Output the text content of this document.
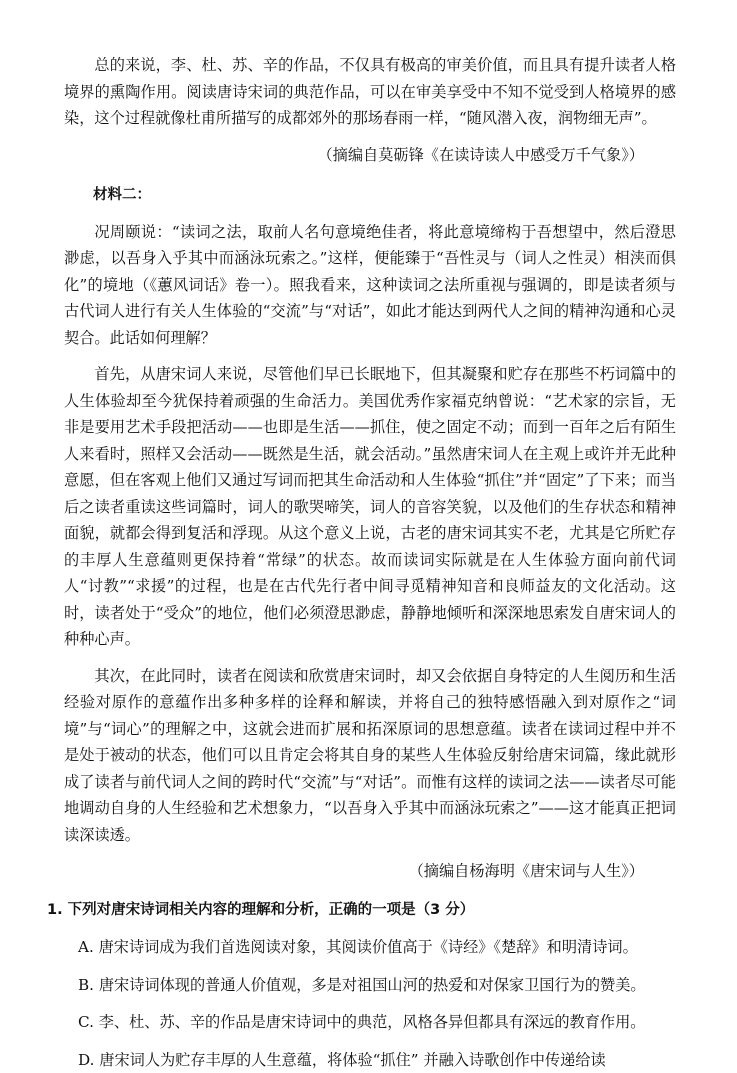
总的来说，李、杜、苏、辛的作品，不仅具有极高的审美价值，而且具有提升读者人格境界的熏陶作用。阅读唐诗宋词的典范作品，可以在审美享受中不知不觉受到人格境界的感染，这个过程就像杜甫所描写的成都郊外的那场春雨一样，“随风潜入夜，润物细无声”。

（摘编自莫砺锋《在读诗读人中感受万千气象》）

材料二：

况周颐说：“读词之法，取前人名句意境绝佳者，将此意境缔构于吾想望中，然后澄思渺虑，以吾身入乎其中而涵泳玩索之。”这样，便能臻于“吾性灵与（词人之性灵）相浃而俱化”的境地（《蕙风词话》卷一）。照我看来，这种读词之法所重视与强调的，即是读者须与古代词人进行有关人生体验的“交流”与“对话”，如此才能达到两代人之间的精神沟通和心灵契合。此话如何理解？

首先，从唐宋词人来说，尽管他们早已长眠地下，但其凝聚和贮存在那些不朽词篇中的人生体验却至今犹保持着顽强的生命活力。美国优秀作家福克纳曾说：“艺术家的宗旨，无非是要用艺术手段把活动——也即是生活——抓住，使之固定不动；而到一百年之后有陌生人来看时，照样又会活动——既然是生活，就会活动。”虽然唐宋词人在主观上或许并无此种意愿，但在客观上他们又通过写词而把其生命活动和人生体验“抓住”并“固定”了下来；而当后之读者重读这些词篇时，词人的歌哭啼笑，词人的音容笑貌，以及他们的生存状态和精神面貌，就都会得到复活和浮现。从这个意义上说，古老的唐宋词其实不老，尤其是它所贮存的丰厚人生意蕴则更保持着“常绿”的状态。故而读词实际就是在人生体验方面向前代词人“讨教”“求援”的过程，也是在古代先行者中间寻觅精神知音和良师益友的文化活动。这时，读者处于“受众”的地位，他们必须澄思渺虑，静静地倾听和深深地思索发自唐宋词人的种种心声。

其次，在此同时，读者在阅读和欣赏唐宋词时，却又会依据自身特定的人生阅历和生活经验对原作的意蕴作出多种多样的诠释和解读，并将自己的独特感悟融入到对原作之“词境”与“词心”的理解之中，这就会进而扩展和拓深原词的思想意蕴。读者在读词过程中并不是处于被动的状态，他们可以且肯定会将其自身的某些人生体验反射给唐宋词篇，缘此就形成了读者与前代词人之间的跨时代“交流”与“对话”。而惟有这样的读词之法——读者尽可能地调动自身的人生经验和艺术想象力，“以吾身入乎其中而涵泳玩索之”——这才能真正把词读深读透。

（摘编自杨海明《唐宋词与人生》）

1. 下列对唐宋诗词相关内容的理解和分析，正确的一项是（3 分）

A. 唐宋诗词成为我们首选阅读对象，其阅读价值高于《诗经》《楚辞》和明清诗词。

B. 唐宋诗词体现的普通人价值观，多是对祖国山河的热爱和对保家卫国行为的赞美。

C. 李、杜、苏、辛的作品是唐宋诗词中的典范，风格各异但都具有深远的教育作用。

D. 唐宋词人为贮存丰厚的人生意蕴，将体验“抓住” 并融入诗歌创作中传递给读
